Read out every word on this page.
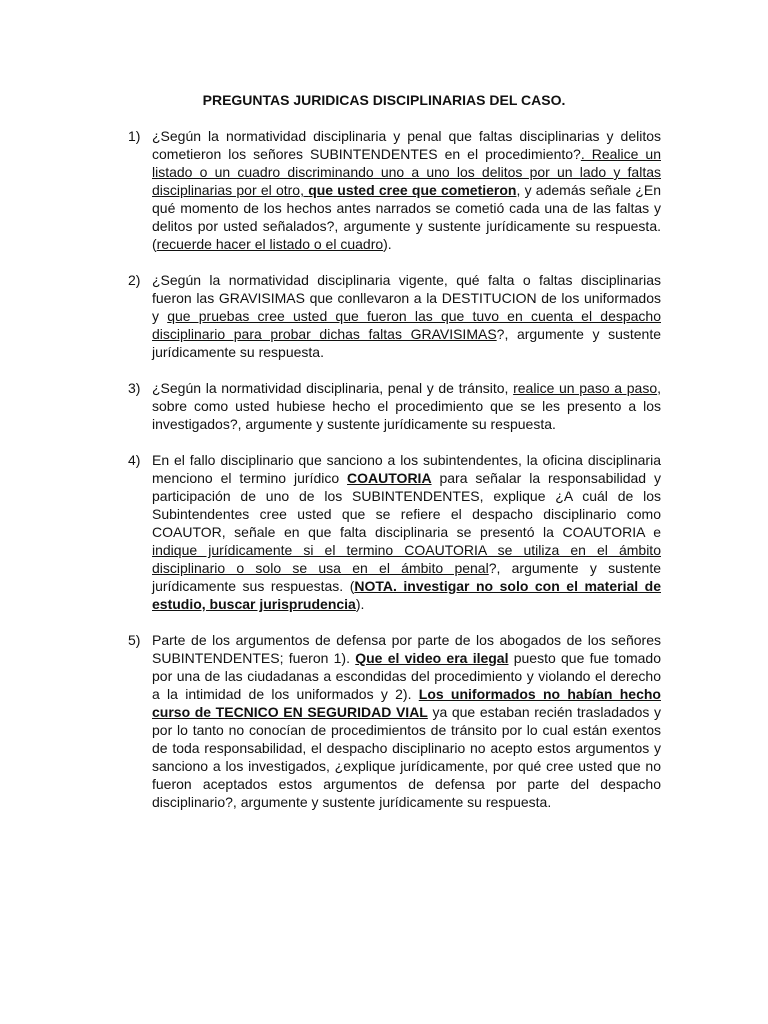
PREGUNTAS JURIDICAS DISCIPLINARIAS DEL CASO.
1) ¿Según la normatividad disciplinaria y penal que faltas disciplinarias y delitos cometieron los señores SUBINTENDENTES en el procedimiento?. Realice un listado o un cuadro discriminando uno a uno los delitos por un lado y faltas disciplinarias por el otro, que usted cree que cometieron, y además señale ¿En qué momento de los hechos antes narrados se cometió cada una de las faltas y delitos por usted señalados?, argumente y sustente jurídicamente su respuesta. (recuerde hacer el listado o el cuadro).
2) ¿Según la normatividad disciplinaria vigente, qué falta o faltas disciplinarias fueron las GRAVISIMAS que conllevaron a la DESTITUCION de los uniformados y que pruebas cree usted que fueron las que tuvo en cuenta el despacho disciplinario para probar dichas faltas GRAVISIMAS?, argumente y sustente jurídicamente su respuesta.
3) ¿Según la normatividad disciplinaria, penal y de tránsito, realice un paso a paso, sobre como usted hubiese hecho el procedimiento que se les presento a los investigados?, argumente y sustente jurídicamente su respuesta.
4) En el fallo disciplinario que sanciono a los subintendentes, la oficina disciplinaria menciono el termino jurídico COAUTORIA para señalar la responsabilidad y participación de uno de los SUBINTENDENTES, explique ¿A cuál de los Subintendentes cree usted que se refiere el despacho disciplinario como COAUTOR, señale en que falta disciplinaria se presentó la COAUTORIA e indique jurídicamente si el termino COAUTORIA se utiliza en el ámbito disciplinario o solo se usa en el ámbito penal?, argumente y sustente jurídicamente sus respuestas. (NOTA. investigar no solo con el material de estudio, buscar jurisprudencia).
5) Parte de los argumentos de defensa por parte de los abogados de los señores SUBINTENDENTES; fueron 1). Que el video era ilegal puesto que fue tomado por una de las ciudadanas a escondidas del procedimiento y violando el derecho a la intimidad de los uniformados y 2). Los uniformados no habían hecho curso de TECNICO EN SEGURIDAD VIAL ya que estaban recién trasladados y por lo tanto no conocían de procedimientos de tránsito por lo cual están exentos de toda responsabilidad, el despacho disciplinario no acepto estos argumentos y sanciono a los investigados, ¿explique jurídicamente, por qué cree usted que no fueron aceptados estos argumentos de defensa por parte del despacho disciplinario?, argumente y sustente jurídicamente su respuesta.
